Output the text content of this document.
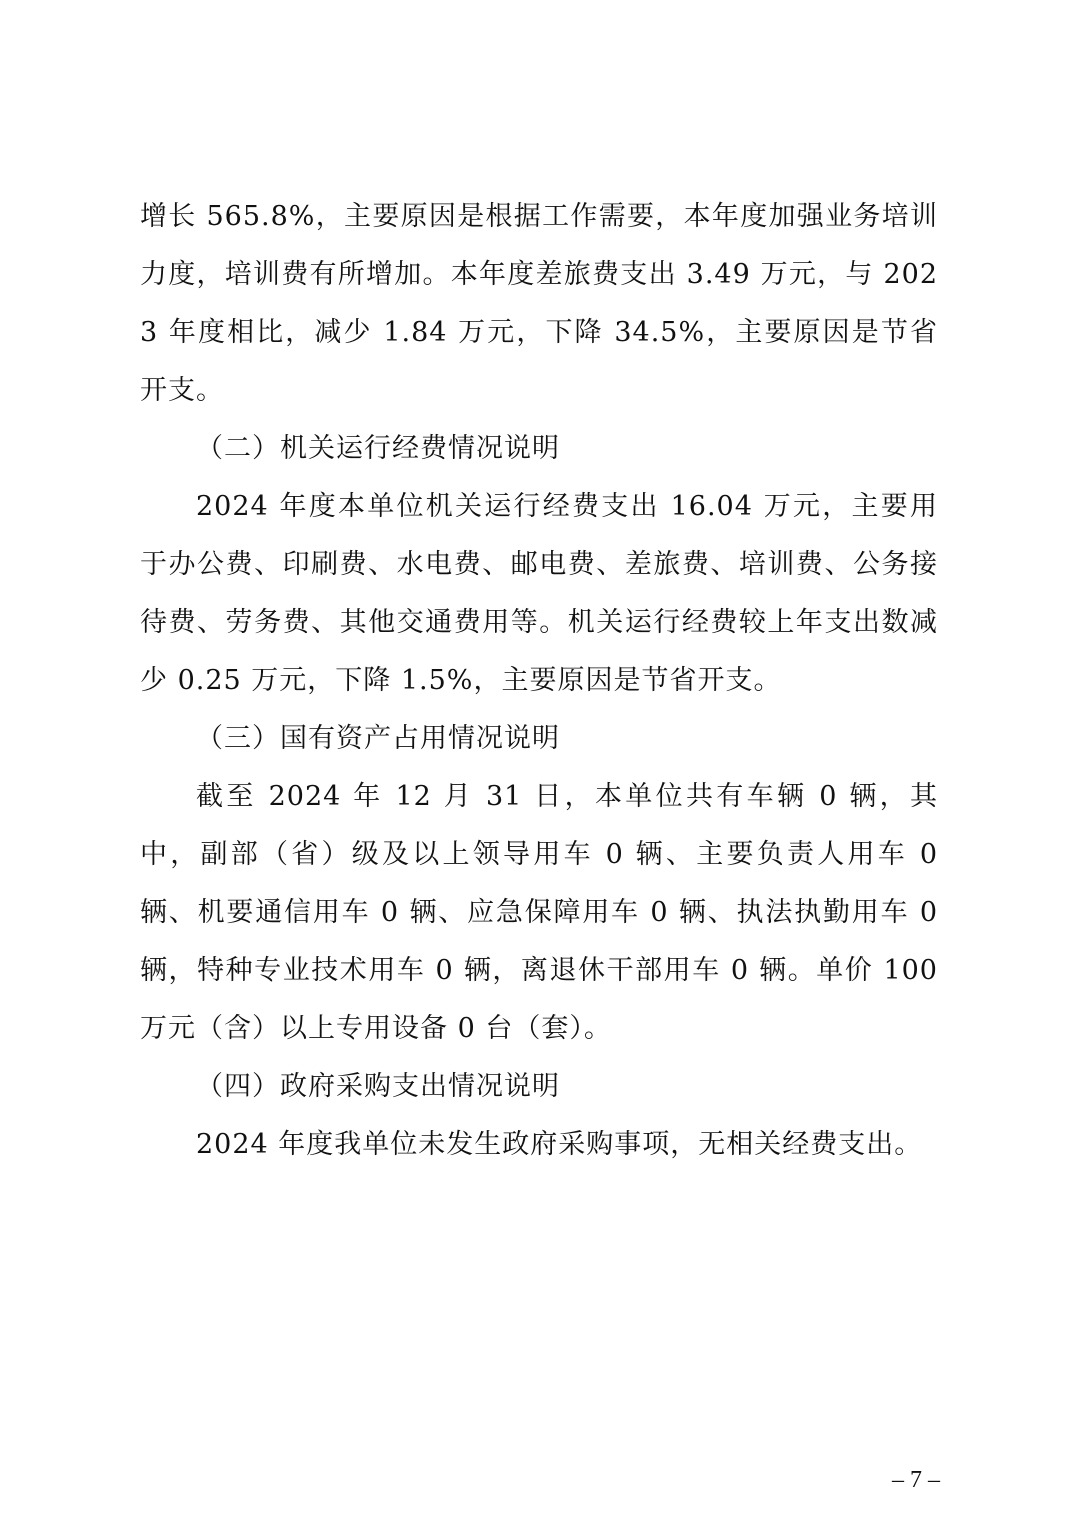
增长 565.8%，主要原因是根据工作需要，本年度加强业务培训力度，培训费有所增加。本年度差旅费支出 3.49 万元，与 2023 年度相比，减少 1.84 万元，下降 34.5%，主要原因是节省开支。

（二）机关运行经费情况说明

2024 年度本单位机关运行经费支出 16.04 万元，主要用于办公费、印刷费、水电费、邮电费、差旅费、培训费、公务接待费、劳务费、其他交通费用等。机关运行经费较上年支出数减少 0.25 万元，下降 1.5%，主要原因是节省开支。

（三）国有资产占用情况说明

截至 2024 年 12 月 31 日，本单位共有车辆 0 辆，其中，副部（省）级及以上领导用车 0 辆、主要负责人用车 0 辆、机要通信用车 0 辆、应急保障用车 0 辆、执法执勤用车 0 辆，特种专业技术用车 0 辆，离退休干部用车 0 辆。单价 100 万元（含）以上专用设备 0 台（套）。

（四）政府采购支出情况说明

2024 年度我单位未发生政府采购事项，无相关经费支出。

– 7 –
